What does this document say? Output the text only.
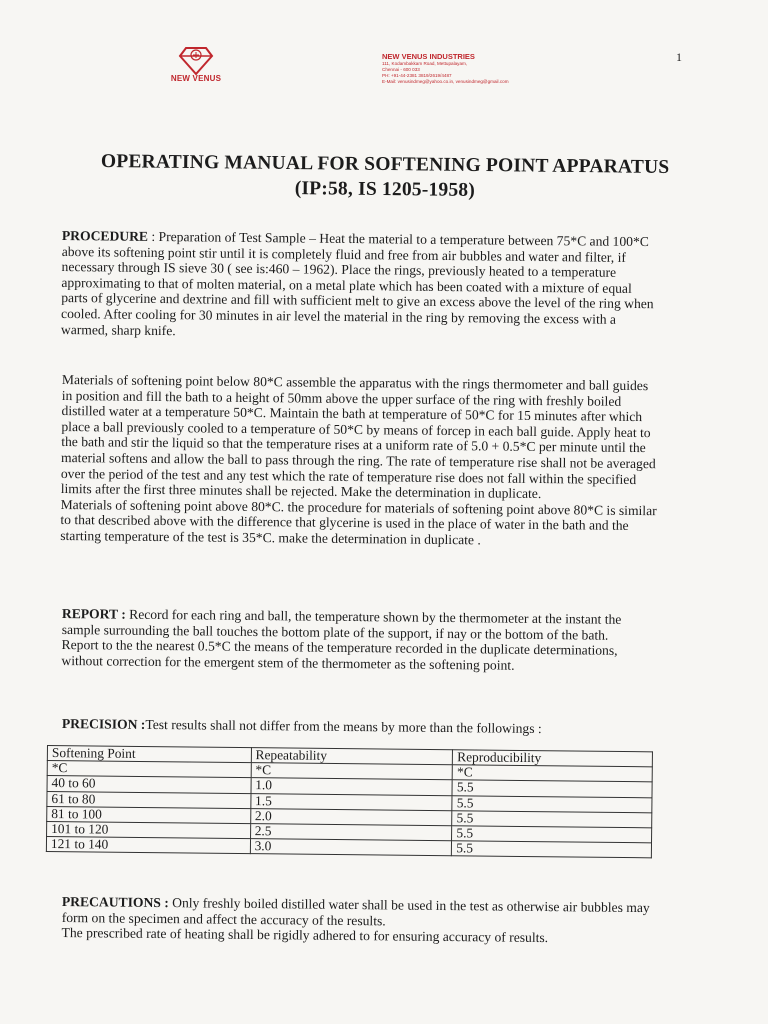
NEW VENUS
NEW VENUS INDUSTRIES
111, Kodambakkam Road, Mettupalayam,
Chennai - 600 033
PH: +91-44-2381 3819/2619/4487
E-Mail: venusindmeg@yahoo.co.in, venusindmeg@gmail.com
1
OPERATING MANUAL FOR SOFTENING POINT APPARATUS
(IP:58, IS 1205-1958)

PROCEDURE : Preparation of Test Sample – Heat the material to a temperature between 75*C and 100*C above its softening point stir until it is completely fluid and free from air bubbles and water and filter, if necessary through IS sieve 30 ( see is:460 – 1962). Place the rings, previously heated to a temperature approximating to that of molten material, on a metal plate which has been coated with a mixture of equal parts of glycerine and dextrine and fill with sufficient melt to give an excess above the level of the ring when cooled. After cooling for 30 minutes in air level the material in the ring by removing the excess with a warmed, sharp knife.

Materials of softening point below 80*C assemble the apparatus with the rings thermometer and ball guides in position and fill the bath to a height of 50mm above the upper surface of the ring with freshly boiled distilled water at a temperature 50*C. Maintain the bath at temperature of 50*C for 15 minutes after which place a ball previously cooled to a temperature of 50*C by means of forcep in each ball guide. Apply heat to the bath and stir the liquid so that the temperature rises at a uniform rate of 5.0 + 0.5*C per minute until the material softens and allow the ball to pass through the ring. The rate of temperature rise shall not be averaged over the period of the test and any test which the rate of temperature rise does not fall within the specified limits after the first three minutes shall be rejected. Make the determination in duplicate.

Materials of softening point above 80*C. the procedure for materials of softening point above 80*C is similar to that described above with the difference that glycerine is used in the place of water in the bath and the starting temperature of the test is 35*C. make the determination in duplicate .

REPORT : Record for each ring and ball, the temperature shown by the thermometer at the instant the sample surrounding the ball touches the bottom plate of the support, if nay or the bottom of the bath.

Report to the the nearest 0.5*C the means of the temperature recorded in the duplicate determinations, without correction for the emergent stem of the thermometer as the softening point.

PRECISION :Test results shall not differ from the means by more than the followings :

Softening Point	Repeatability	Reproducibility
*C	*C	*C
40 to 60	1.0	5.5
61 to 80	1.5	5.5
81 to 100	2.0	5.5
101 to 120	2.5	5.5
121 to 140	3.0	5.5

PRECAUTIONS : Only freshly boiled distilled water shall be used in the test as otherwise air bubbles may form on the specimen and affect the accuracy of the results.

The prescribed rate of heating shall be rigidly adhered to for ensuring accuracy of results.
